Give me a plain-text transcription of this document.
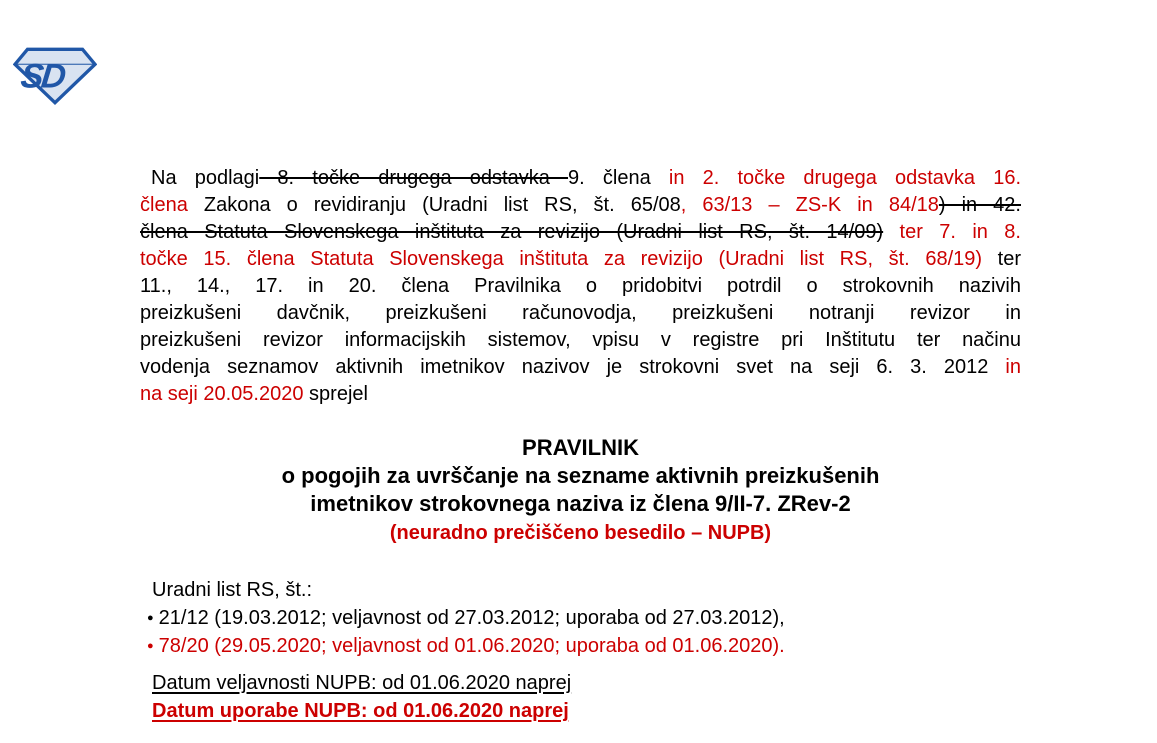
SD
Na podlagi 8. točke drugega odstavka 9. člena in 2. točke drugega odstavka 16.
člena Zakona o revidiranju (Uradni list RS, št. 65/08, 63/13 – ZS-K in 84/18) in 42.
člena Statuta Slovenskega inštituta za revizijo (Uradni list RS, št. 14/09) ter 7. in 8.
točke 15. člena Statuta Slovenskega inštituta za revizijo (Uradni list RS, št. 68/19) ter
11., 14., 17. in 20. člena Pravilnika o pridobitvi potrdil o strokovnih nazivih
preizkušeni davčnik, preizkušeni računovodja, preizkušeni notranji revizor in
preizkušeni revizor informacijskih sistemov, vpisu v registre pri Inštitutu ter načinu
vodenja seznamov aktivnih imetnikov nazivov je strokovni svet na seji 6. 3. 2012 in
na seji 20.05.2020 sprejel
PRAVILNIK
o pogojih za uvrščanje na sezname aktivnih preizkušenih
imetnikov strokovnega naziva iz člena 9/II-7. ZRev-2
(neuradno prečiščeno besedilo – NUPB)
Uradni list RS, št.:
● 21/12 (19.03.2012; veljavnost od 27.03.2012; uporaba od 27.03.2012),
● 78/20 (29.05.2020; veljavnost od 01.06.2020; uporaba od 01.06.2020).
Datum veljavnosti NUPB: od 01.06.2020 naprej
Datum uporabe NUPB: od 01.06.2020 naprej
